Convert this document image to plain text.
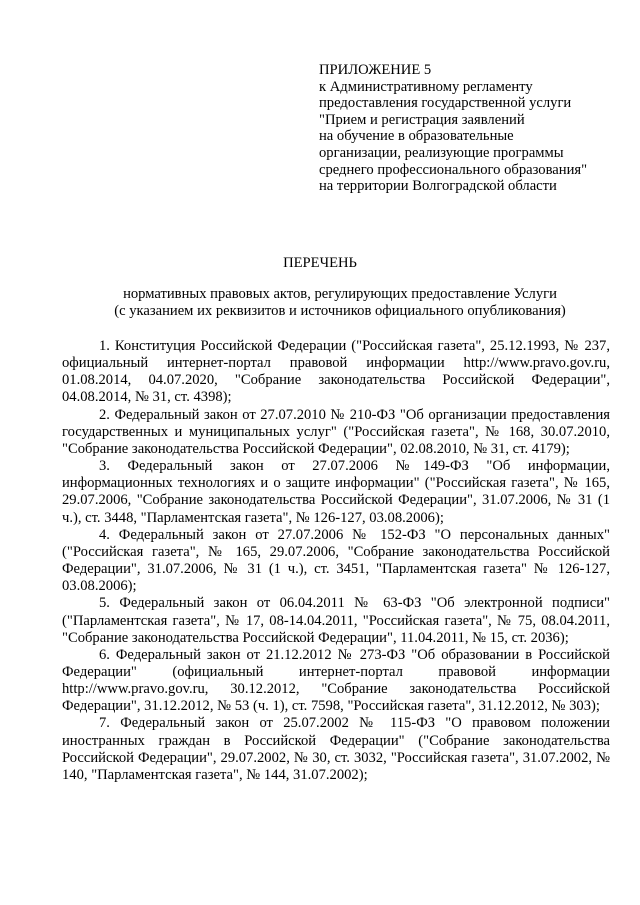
ПРИЛОЖЕНИЕ 5
к Административному регламенту
предоставления государственной услуги
"Прием и регистрация заявлений
на обучение в образовательные
организации, реализующие программы
среднего профессионального образования"
на территории Волгоградской области
ПЕРЕЧЕНЬ
нормативных правовых актов, регулирующих предоставление Услуги
(с указанием их реквизитов и источников официального опубликования)

1. Конституция Российской Федерации ("Российская газета", 25.12.1993, № 237, официальный интернет-портал правовой информации http://www.pravo.gov.ru, 01.08.2014, 04.07.2020, "Собрание законодательства Российской Федерации", 04.08.2014, № 31, ст. 4398);

2. Федеральный закон от 27.07.2010 № 210-ФЗ "Об организации предоставления государственных и муниципальных услуг" ("Российская газета", № 168, 30.07.2010, "Собрание законодательства Российской Федерации", 02.08.2010, № 31, ст. 4179);

3. Федеральный закон от 27.07.2006 №149-ФЗ "Об информации, информационных технологиях и о защите информации" ("Российская газета", № 165, 29.07.2006, "Собрание законодательства Российской Федерации", 31.07.2006, № 31 (1 ч.), ст. 3448, "Парламентская газета", № 126-127, 03.08.2006);

4. Федеральный закон от 27.07.2006 № 152-ФЗ "О персональных данных" ("Российская газета", № 165, 29.07.2006, "Собрание законодательства Российской Федерации", 31.07.2006, № 31 (1 ч.), ст. 3451, "Парламентская газета" № 126-127, 03.08.2006);

5. Федеральный закон от 06.04.2011 № 63-ФЗ "Об электронной подписи" ("Парламентская газета", № 17, 08-14.04.2011, "Российская газета", № 75, 08.04.2011, "Собрание законодательства Российской Федерации", 11.04.2011, № 15, ст. 2036);

6. Федеральный закон от 21.12.2012 № 273-ФЗ "Об образовании в Российской Федерации" (официальный интернет-портал правовой информации http://www.pravo.gov.ru, 30.12.2012, "Собрание законодательства Российской Федерации", 31.12.2012, № 53 (ч. 1), ст. 7598, "Российская газета", 31.12.2012, № 303);

7. Федеральный закон от 25.07.2002 № 115-ФЗ "О правовом положении иностранных граждан в Российской Федерации" ("Собрание законодательства Российской Федерации", 29.07.2002, № 30, ст. 3032, "Российская газета", 31.07.2002, № 140, "Парламентская газета", № 144, 31.07.2002);
